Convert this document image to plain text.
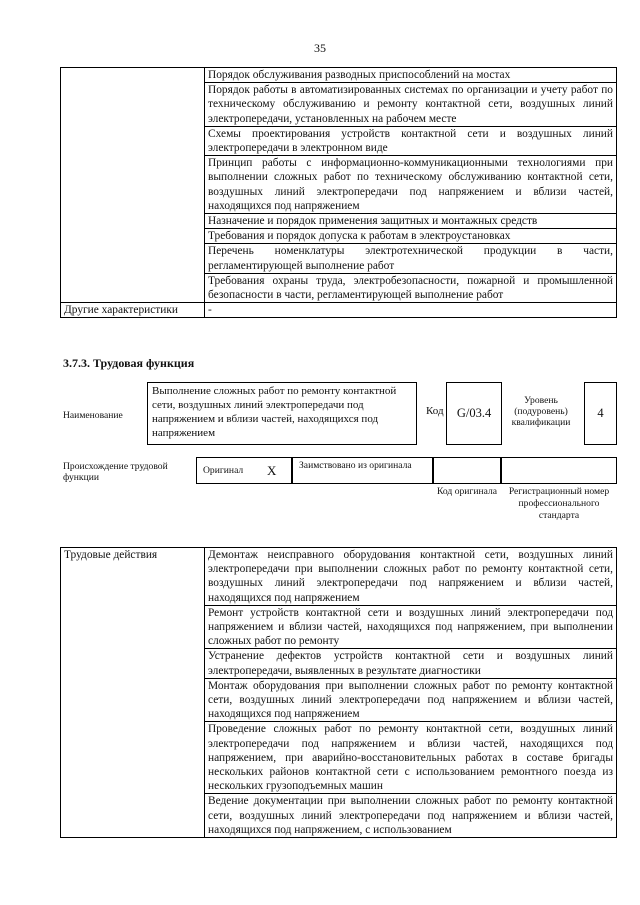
35
	Порядок обслуживания разводных приспособлений на мостах
	Порядок работы в автоматизированных системах по организации и учету работ по техническому обслуживанию и ремонту контактной сети, воздушных линий электропередачи, установленных на рабочем месте
	Схемы проектирования устройств контактной сети и воздушных линий электропередачи в электронном виде
	Принцип работы с информационно-коммуникационными технологиями при выполнении сложных работ по техническому обслуживанию контактной сети, воздушных линий электропередачи под напряжением и вблизи частей, находящихся под напряжением
	Назначение и порядок применения защитных и монтажных средств
	Требования и порядок допуска к работам в электроустановках
	Перечень номенклатуры электротехнической продукции в части, регламентирующей выполнение работ
	Требования охраны труда, электробезопасности, пожарной и промышленной безопасности в части, регламентирующей выполнение работ
Другие характеристики	-
3.7.3. Трудовая функция
Наименование
Выполнение сложных работ по ремонту контактной сети, воздушных линий электропередачи под напряжением и вблизи частей, находящихся под напряжением
Код	G/03.4
Уровень (подуровень) квалификации
4
Происхождение трудовой функции
Оригинал X	Заимствовано из оригинала
Код оригинала	Регистрационный номер профессионального стандарта
Трудовые действия	Демонтаж неисправного оборудования контактной сети, воздушных линий электропередачи при выполнении сложных работ по ремонту контактной сети, воздушных линий электропередачи под напряжением и вблизи частей, находящихся под напряжением
Ремонт устройств контактной сети и воздушных линий электропередачи под напряжением и вблизи частей, находящихся под напряжением, при выполнении сложных работ по ремонту
Устранение дефектов устройств контактной сети и воздушных линий электропередачи, выявленных в результате диагностики
Монтаж оборудования при выполнении сложных работ по ремонту контактной сети, воздушных линий электропередачи под напряжением и вблизи частей, находящихся под напряжением
Проведение сложных работ по ремонту контактной сети, воздушных линий электропередачи под напряжением и вблизи частей, находящихся под напряжением, при аварийно-восстановительных работах в составе бригады нескольких районов контактной сети с использованием ремонтного поезда из нескольких грузоподъемных машин
Ведение документации при выполнении сложных работ по ремонту контактной сети, воздушных линий электропередачи под напряжением и вблизи частей, находящихся под напряжением, с использованием
